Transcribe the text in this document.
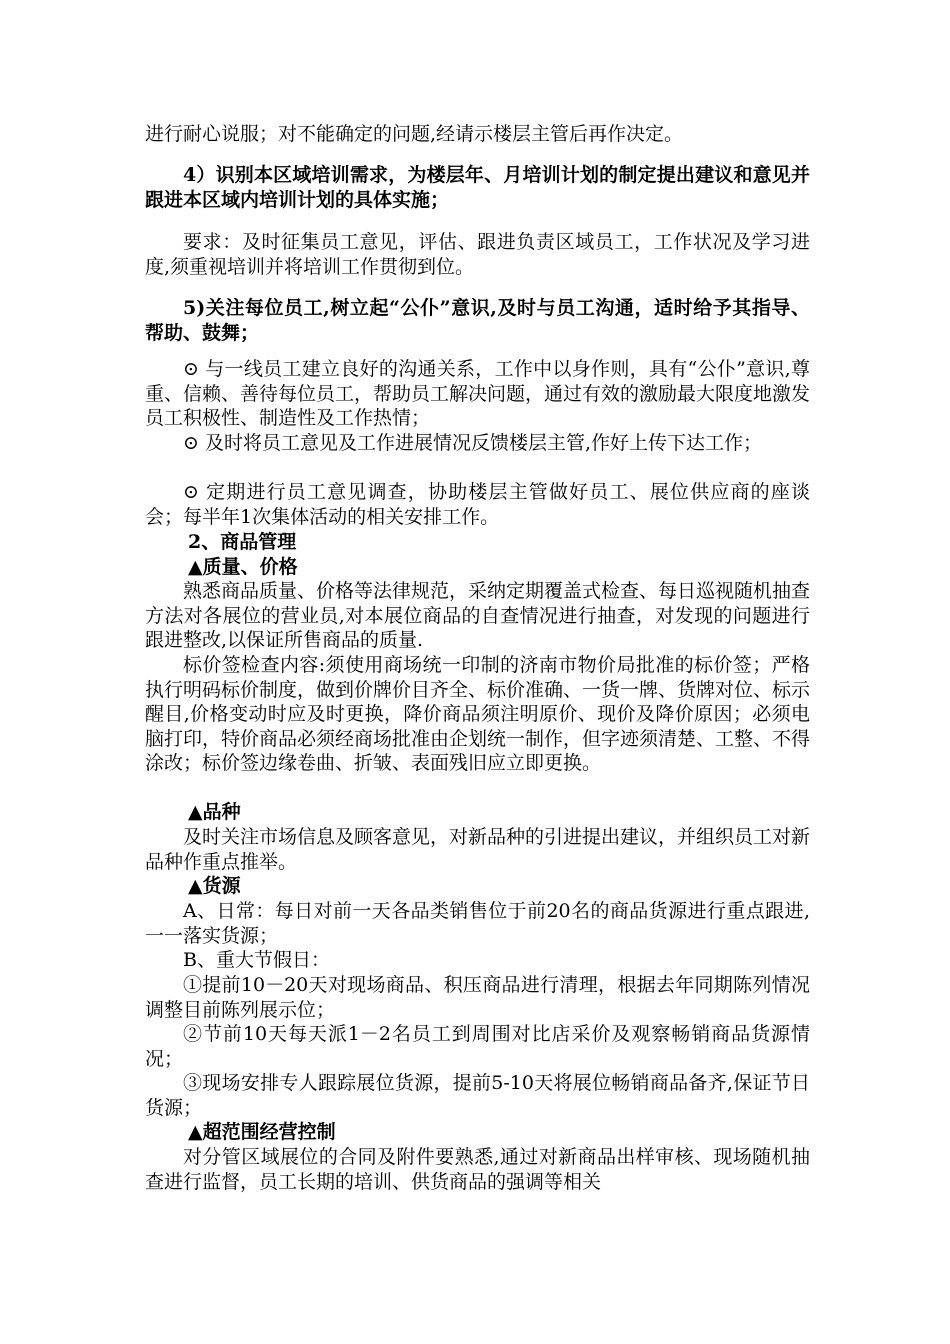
进行耐心说服；对不能确定的问题,经请示楼层主管后再作决定。

4）识别本区域培训需求，为楼层年、月培训计划的制定提出建议和意见并跟进本区域内培训计划的具体实施；

要求：及时征集员工意见，评估、跟进负责区域员工，工作状况及学习进度,须重视培训并将培训工作贯彻到位。

5)关注每位员工,树立起“公仆”意识,及时与员工沟通，适时给予其指导、帮助、鼓舞；

⊙ 与一线员工建立良好的沟通关系，工作中以身作则，具有“公仆”意识,尊重、信赖、善待每位员工，帮助员工解决问题，通过有效的激励最大限度地激发员工积极性、制造性及工作热情；

⊙ 及时将员工意见及工作进展情况反馈楼层主管,作好上传下达工作；

⊙ 定期进行员工意见调查，协助楼层主管做好员工、展位供应商的座谈会；每半年1次集体活动的相关安排工作。

2、商品管理

▲质量、价格

熟悉商品质量、价格等法律规范，采纳定期覆盖式检查、每日巡视随机抽查方法对各展位的营业员,对本展位商品的自查情况进行抽查，对发现的问题进行跟进整改,以保证所售商品的质量.

标价签检查内容:须使用商场统一印制的济南市物价局批准的标价签；严格执行明码标价制度，做到价牌价目齐全、标价准确、一货一牌、货牌对位、标示醒目,价格变动时应及时更换，降价商品须注明原价、现价及降价原因；必须电脑打印，特价商品必须经商场批准由企划统一制作，但字迹须清楚、工整、不得涂改；标价签边缘卷曲、折皱、表面残旧应立即更换。

▲品种

及时关注市场信息及顾客意见，对新品种的引进提出建议，并组织员工对新品种作重点推举。

▲货源

A、日常：每日对前一天各品类销售位于前20名的商品货源进行重点跟进,一一落实货源；

B、重大节假日：

①提前10－20天对现场商品、积压商品进行清理，根据去年同期陈列情况调整目前陈列展示位；

②节前10天每天派1－2名员工到周围对比店采价及观察畅销商品货源情况；

③现场安排专人跟踪展位货源，提前5-10天将展位畅销商品备齐,保证节日货源；

▲超范围经营控制

对分管区域展位的合同及附件要熟悉,通过对新商品出样审核、现场随机抽查进行监督，员工长期的培训、供货商品的强调等相关
